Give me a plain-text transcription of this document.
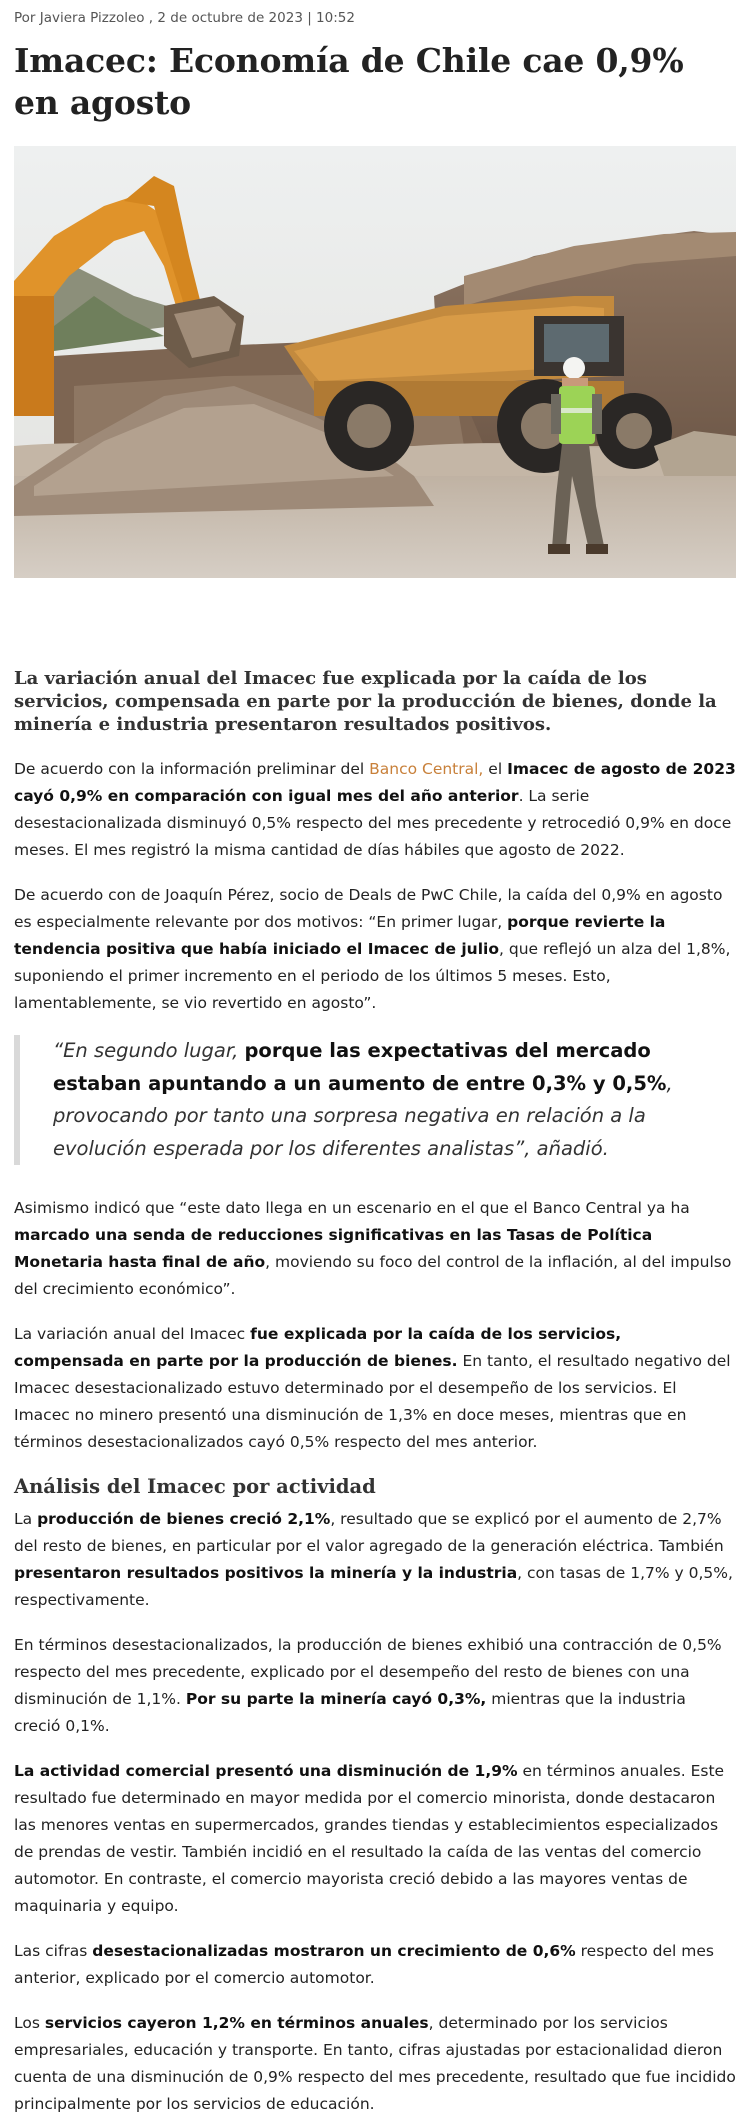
Por Javiera Pizzoleo , 2 de octubre de 2023 | 10:52
Imacec: Economía de Chile cae 0,9% en agosto
La variación anual del Imacec fue explicada por la caída de los servicios, compensada en parte por la producción de bienes, donde la minería e industria presentaron resultados positivos.

De acuerdo con la información preliminar del Banco Central, el Imacec de agosto de 2023 cayó 0,9% en comparación con igual mes del año anterior. La serie desestacionalizada disminuyó 0,5% respecto del mes precedente y retrocedió 0,9% en doce meses. El mes registró la misma cantidad de días hábiles que agosto de 2022.

De acuerdo con de Joaquín Pérez, socio de Deals de PwC Chile, la caída del 0,9% en agosto es especialmente relevante por dos motivos: “En primer lugar, porque revierte la tendencia positiva que había iniciado el Imacec de julio, que reflejó un alza del 1,8%, suponiendo el primer incremento en el periodo de los últimos 5 meses. Esto, lamentablemente, se vio revertido en agosto”.

“En segundo lugar, porque las expectativas del mercado estaban apuntando a un aumento de entre 0,3% y 0,5%, provocando por tanto una sorpresa negativa en relación a la evolución esperada por los diferentes analistas”, añadió.

Asimismo indicó que “este dato llega en un escenario en el que el Banco Central ya ha marcado una senda de reducciones significativas en las Tasas de Política Monetaria hasta final de año, moviendo su foco del control de la inflación, al del impulso del crecimiento económico”.

La variación anual del Imacec fue explicada por la caída de los servicios, compensada en parte por la producción de bienes. En tanto, el resultado negativo del Imacec desestacionalizado estuvo determinado por el desempeño de los servicios. El Imacec no minero presentó una disminución de 1,3% en doce meses, mientras que en términos desestacionalizados cayó 0,5% respecto del mes anterior.

Análisis del Imacec por actividad

La producción de bienes creció 2,1%, resultado que se explicó por el aumento de 2,7% del resto de bienes, en particular por el valor agregado de la generación eléctrica. También presentaron resultados positivos la minería y la industria, con tasas de 1,7% y 0,5%, respectivamente.

En términos desestacionalizados, la producción de bienes exhibió una contracción de 0,5% respecto del mes precedente, explicado por el desempeño del resto de bienes con una disminución de 1,1%. Por su parte la minería cayó 0,3%, mientras que la industria creció 0,1%.

La actividad comercial presentó una disminución de 1,9% en términos anuales. Este resultado fue determinado en mayor medida por el comercio minorista, donde destacaron las menores ventas en supermercados, grandes tiendas y establecimientos especializados de prendas de vestir. También incidió en el resultado la caída de las ventas del comercio automotor. En contraste, el comercio mayorista creció debido a las mayores ventas de maquinaria y equipo.

Las cifras desestacionalizadas mostraron un crecimiento de 0,6% respecto del mes anterior, explicado por el comercio automotor.

Los servicios cayeron 1,2% en términos anuales, determinado por los servicios empresariales, educación y transporte. En tanto, cifras ajustadas por estacionalidad dieron cuenta de una disminución de 0,9% respecto del mes precedente, resultado que fue incidido principalmente por los servicios de educación.
